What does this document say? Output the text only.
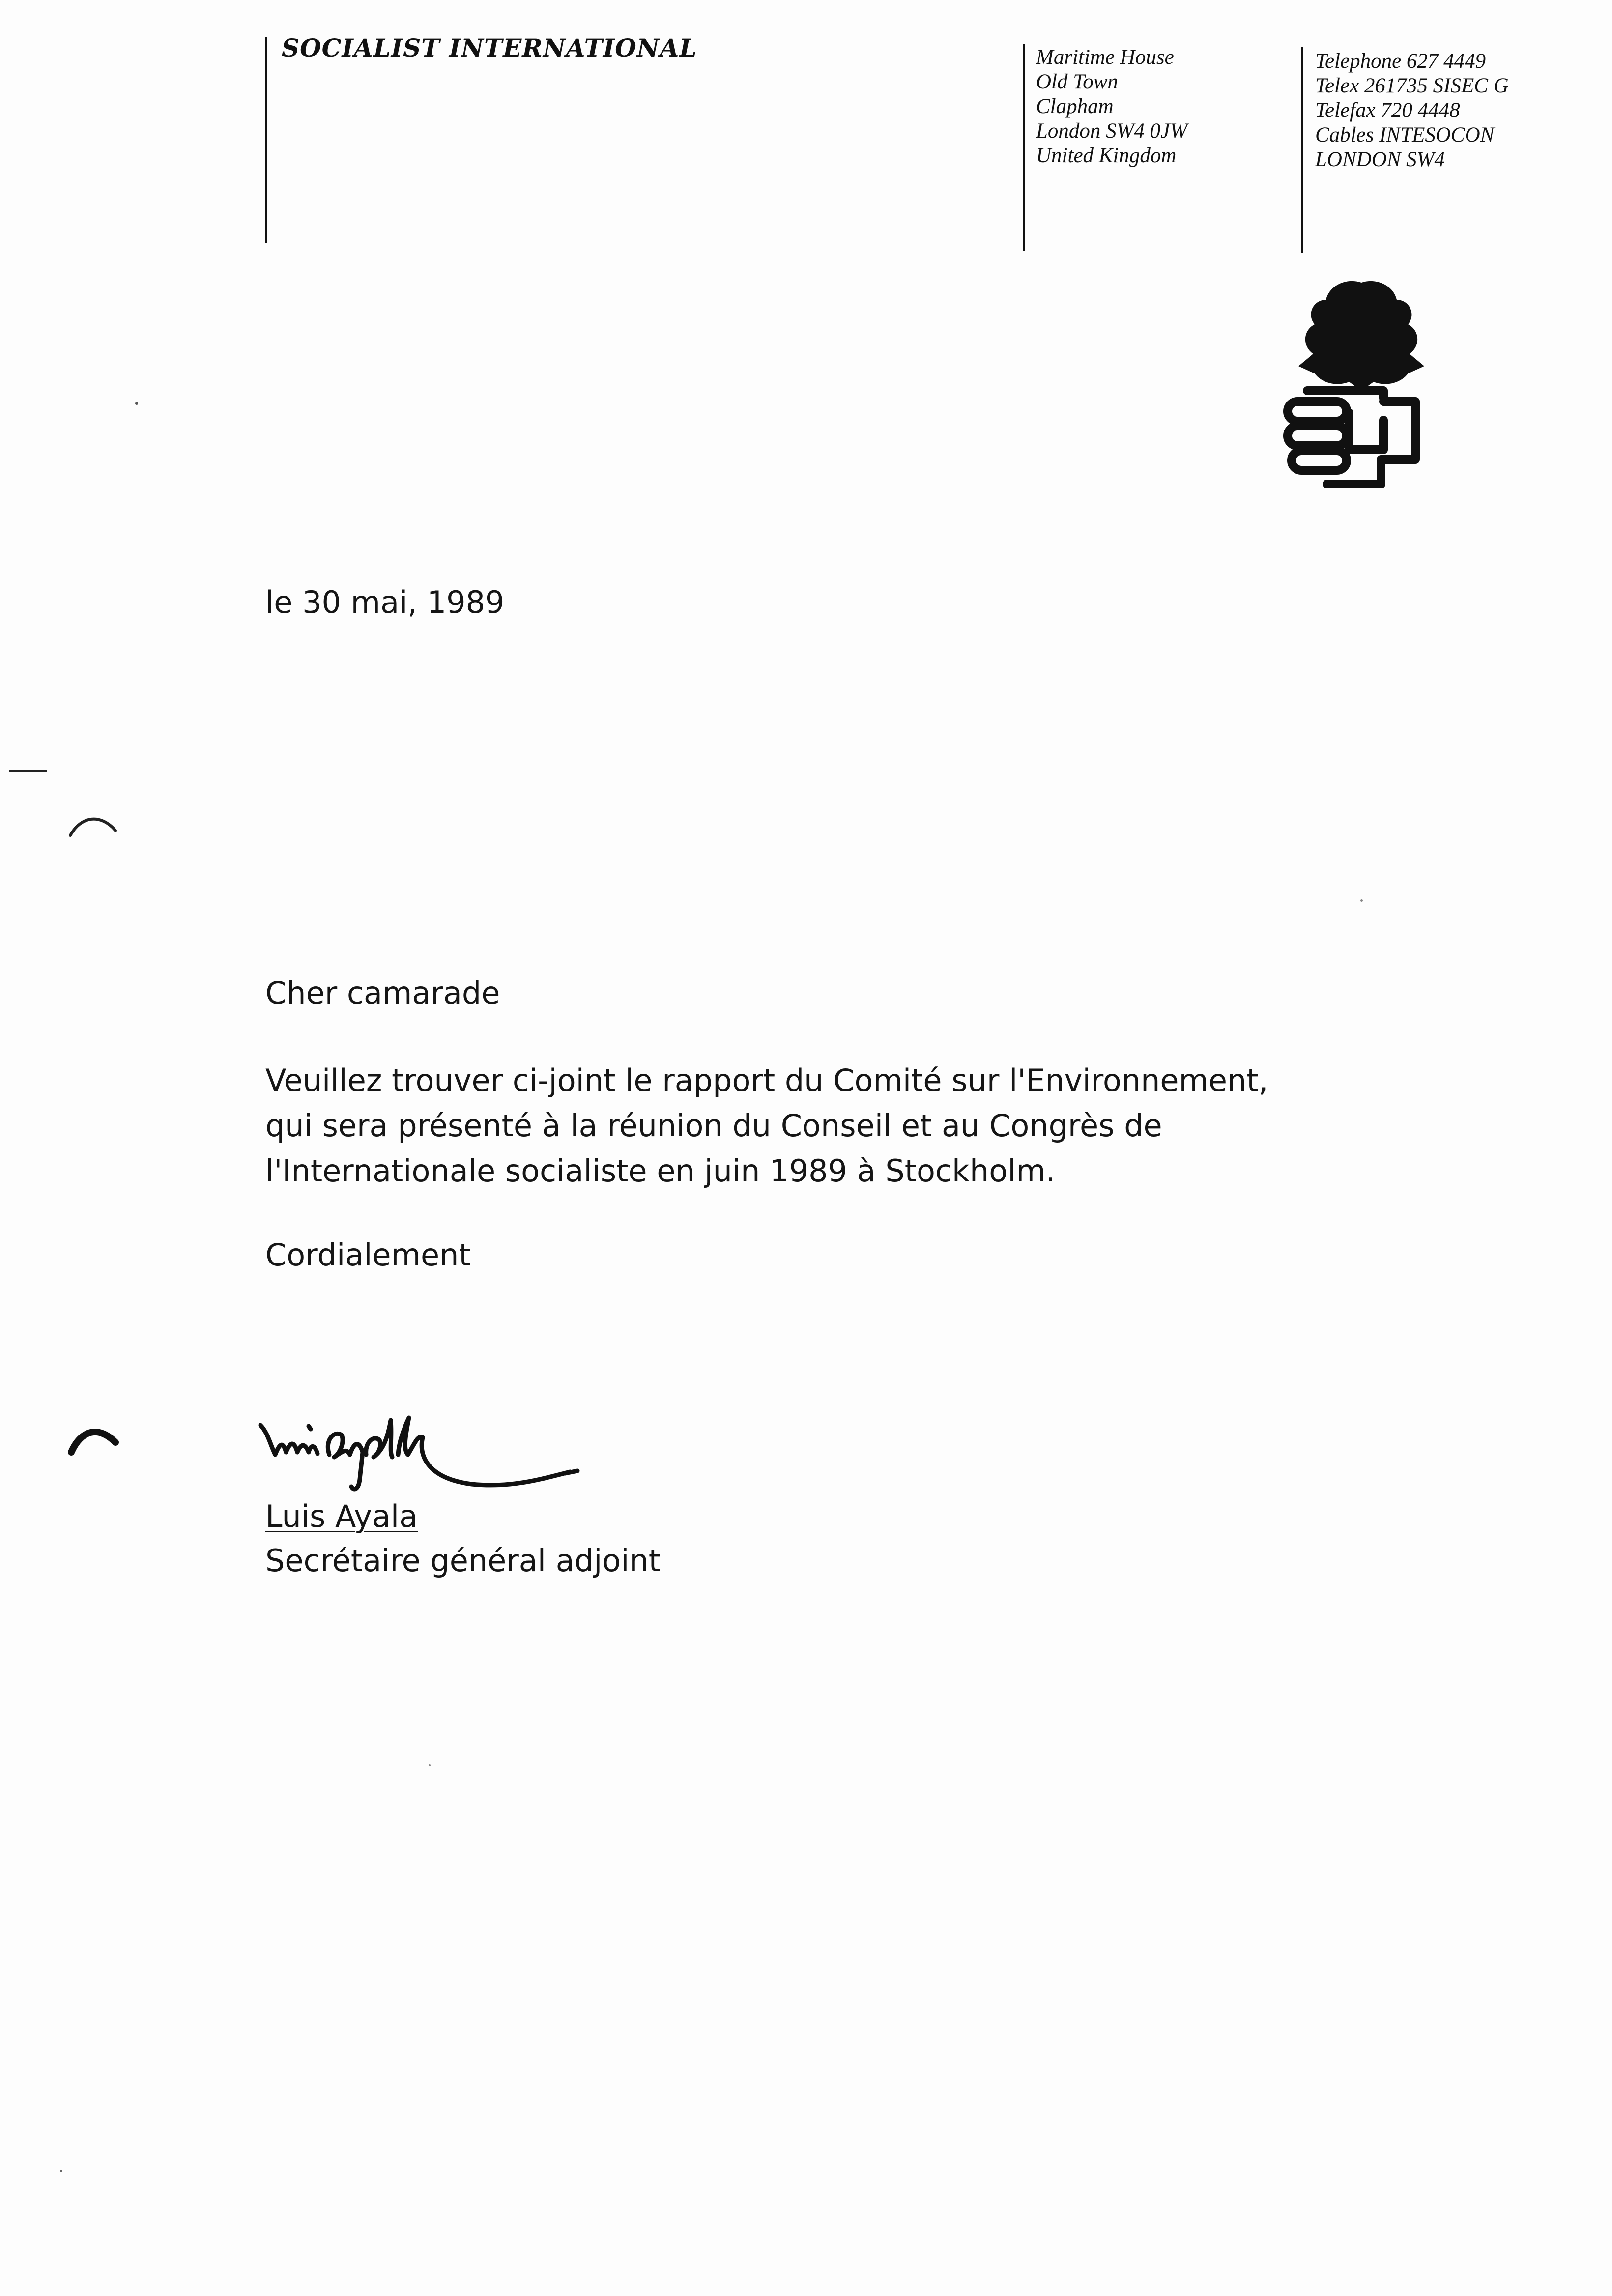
SOCIALIST INTERNATIONAL	Maritime House
Old Town
Clapham
London SW4 0JW
United Kingdom
Telephone 627 4449
Telex 261735 SISEC G
Telefax 720 4448
Cables INTESOCON
LONDON SW4
le 30 mai, 1989
Cher camarade
Veuillez trouver ci-joint le rapport du Comité sur l'Environnement,
qui sera présenté à la réunion du Conseil et au Congrès de
l'Internationale socialiste en juin 1989 à Stockholm.
Cordialement
Luis Ayala
Secrétaire général adjoint
